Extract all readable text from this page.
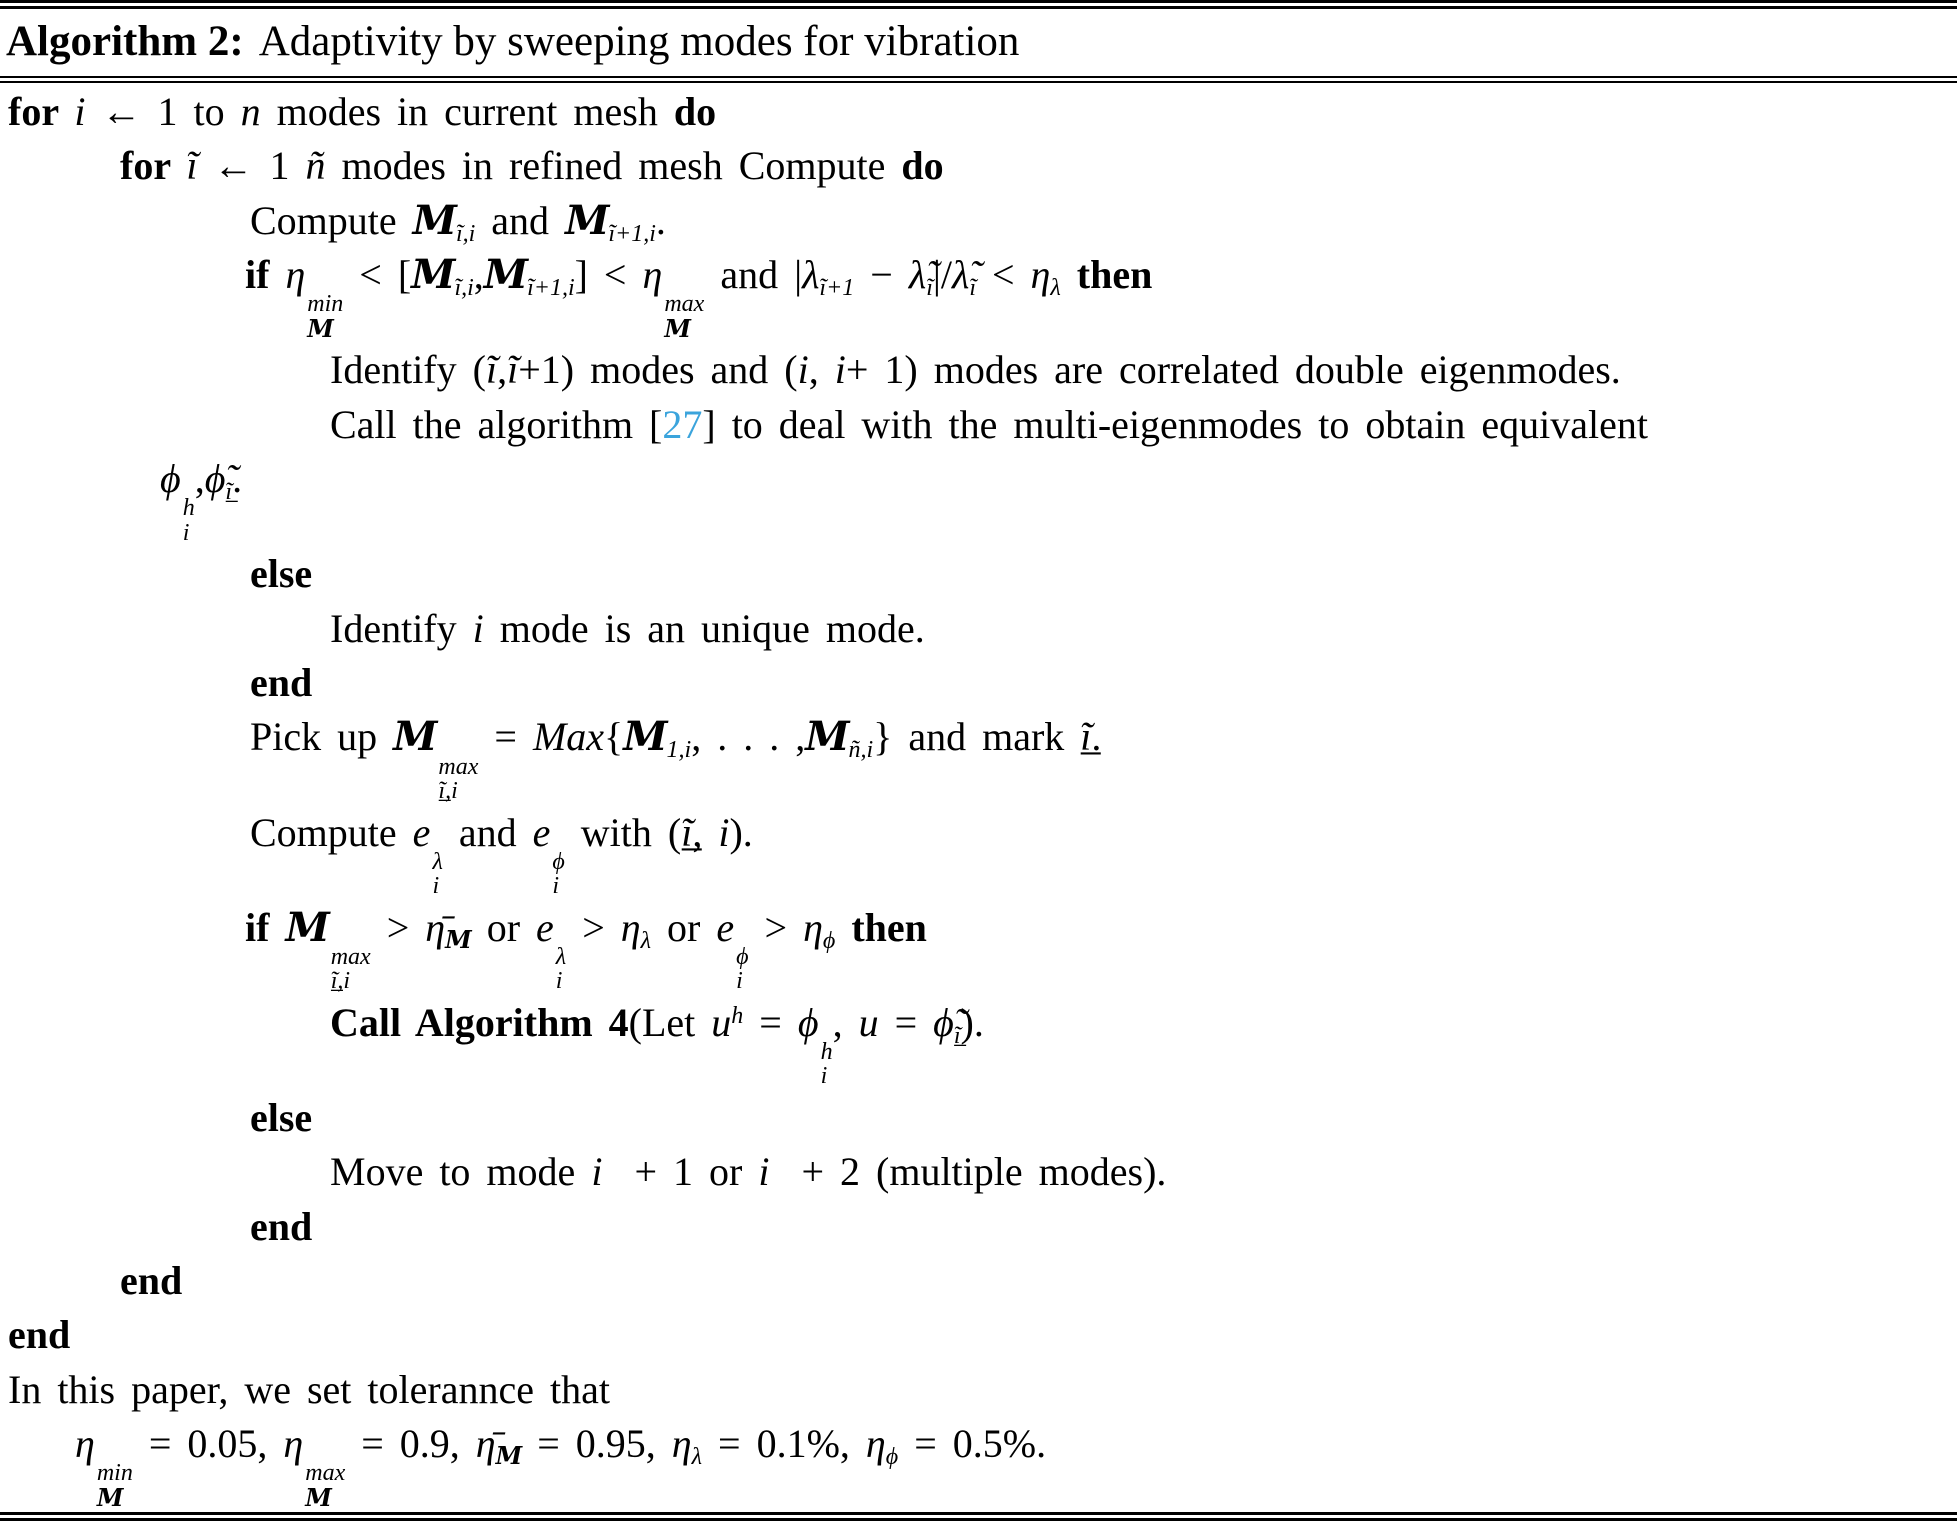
Algorithm 2: Adaptivity by sweeping modes for vibration
for i ← 1 to n modes in current mesh do
for ĩ ← 1 ñ modes in refined mesh Compute do
Compute $M_{ĩ,i}$ and $M_{ĩ+1,i}$.
if η
min
M
< $[M_{ĩ,i},M_{ĩ+1,i}] < \eta$
max
M
and $|\lambda_{ĩ+1}$ − $\lambdã_ĩ|/\lambdã_ĩ < \eta_\lambda$ then
Identify (ĩ,ĩ+1) modes and (i, i+ 1) modes are correlated double eigenmodes.
Call the algorithm [27] to deal with the multi-eigenmodes to obtain equivalent
ϕ
h
i
$,\phĩ_{ĩ̲}$.
else
Identify i mode is an unique mode.
end
Pick up M
max
ĩ̲,i
= $Max\{M_{1,i}$, . . . $,M_{ñ,i}$} and mark ĩ̲.
Compute e
λ
i
and e
ϕ
i
with (ĩ̲, i).
if M
max
ĩ̲,i
> $\etā_M$ or e
λ
i
> $\eta_\lambda$ or e
ϕ
i
> $\eta_\phi$ then
Call Algorithm 4(Let $u^h = \phi$
h
i
, $u = \phĩ_{ĩ̲}$).
else
Move to mode i  + 1 or i  + 2 (multiple modes).
end
end
end
In this paper, we set tolerannce that
η
min
M
= 0.05, η
max
M
= 0.9, $\etā_M = 0.95$, $\eta_\lambda = 0.1\%$, $\eta_\phi = 0.5\%$.
